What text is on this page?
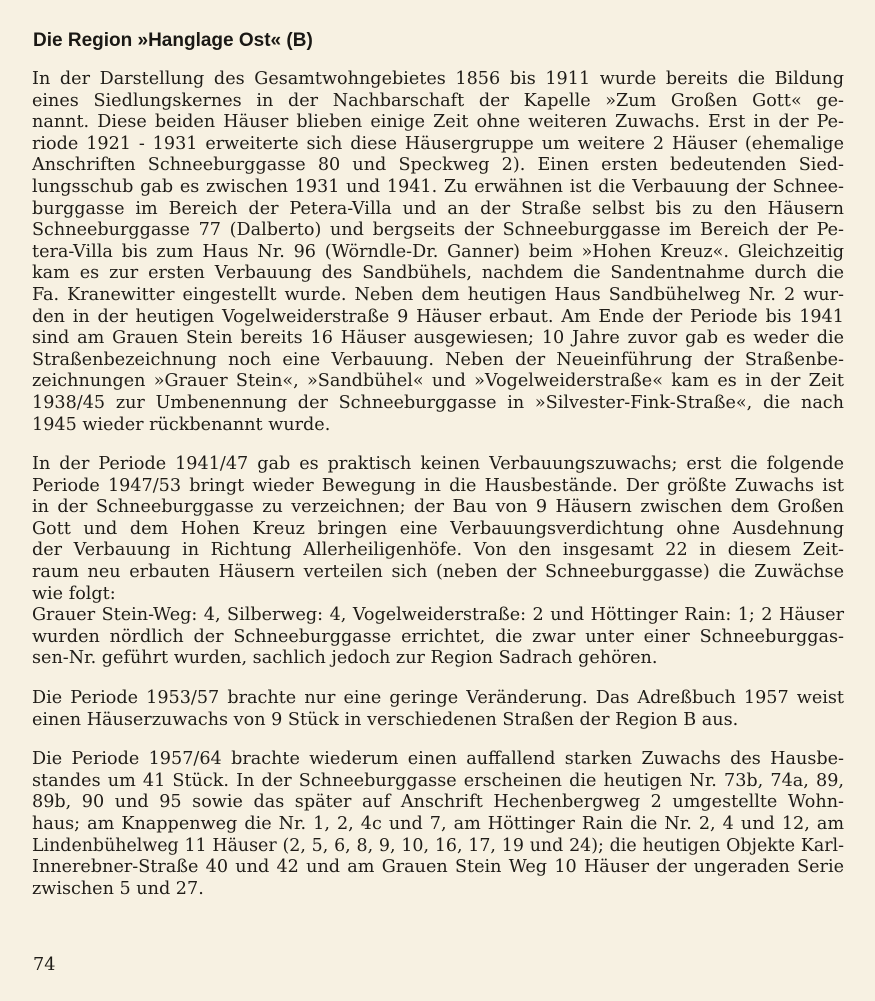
Die Region »Hanglage Ost« (B)

In der Darstellung des Gesamtwohngebietes 1856 bis 1911 wurde bereits die Bildung
eines Siedlungskernes in der Nachbarschaft der Kapelle »Zum Großen Gott« ge-
nannt. Diese beiden Häuser blieben einige Zeit ohne weiteren Zuwachs. Erst in der Pe-
riode 1921 - 1931 erweiterte sich diese Häusergruppe um weitere 2 Häuser (ehemalige
Anschriften Schneeburggasse 80 und Speckweg 2). Einen ersten bedeutenden Sied-
lungsschub gab es zwischen 1931 und 1941. Zu erwähnen ist die Verbauung der Schnee-
burggasse im Bereich der Petera-Villa und an der Straße selbst bis zu den Häusern
Schneeburggasse 77 (Dalberto) und bergseits der Schneeburggasse im Bereich der Pe-
tera-Villa bis zum Haus Nr. 96 (Wörndle-Dr. Ganner) beim »Hohen Kreuz«. Gleichzeitig
kam es zur ersten Verbauung des Sandbühels, nachdem die Sandentnahme durch die
Fa. Kranewitter eingestellt wurde. Neben dem heutigen Haus Sandbühelweg Nr. 2 wur-
den in der heutigen Vogelweiderstraße 9 Häuser erbaut. Am Ende der Periode bis 1941
sind am Grauen Stein bereits 16 Häuser ausgewiesen; 10 Jahre zuvor gab es weder die
Straßenbezeichnung noch eine Verbauung. Neben der Neueinführung der Straßenbe-
zeichnungen »Grauer Stein«, »Sandbühel« und »Vogelweiderstraße« kam es in der Zeit
1938/45 zur Umbenennung der Schneeburggasse in »Silvester-Fink-Straße«, die nach
1945 wieder rückbenannt wurde.

In der Periode 1941/47 gab es praktisch keinen Verbauungszuwachs; erst die folgende
Periode 1947/53 bringt wieder Bewegung in die Hausbestände. Der größte Zuwachs ist
in der Schneeburggasse zu verzeichnen; der Bau von 9 Häusern zwischen dem Großen
Gott und dem Hohen Kreuz bringen eine Verbauungsverdichtung ohne Ausdehnung
der Verbauung in Richtung Allerheiligenhöfe. Von den insgesamt 22 in diesem Zeit-
raum neu erbauten Häusern verteilen sich (neben der Schneeburggasse) die Zuwächse
wie folgt:
Grauer Stein-Weg: 4, Silberweg: 4, Vogelweiderstraße: 2 und Höttinger Rain: 1; 2 Häuser
wurden nördlich der Schneeburggasse errichtet, die zwar unter einer Schneeburggas-
sen-Nr. geführt wurden, sachlich jedoch zur Region Sadrach gehören.

Die Periode 1953/57 brachte nur eine geringe Veränderung. Das Adreßbuch 1957 weist
einen Häuserzuwachs von 9 Stück in verschiedenen Straßen der Region B aus.

Die Periode 1957/64 brachte wiederum einen auffallend starken Zuwachs des Hausbe-
standes um 41 Stück. In der Schneeburggasse erscheinen die heutigen Nr. 73b, 74a, 89,
89b, 90 und 95 sowie das später auf Anschrift Hechenbergweg 2 umgestellte Wohn-
haus; am Knappenweg die Nr. 1, 2, 4c und 7, am Höttinger Rain die Nr. 2, 4 und 12, am
Lindenbühelweg 11 Häuser (2, 5, 6, 8, 9, 10, 16, 17, 19 und 24); die heutigen Objekte Karl-
Innerebner-Straße 40 und 42 und am Grauen Stein Weg 10 Häuser der ungeraden Serie
zwischen 5 und 27.

74
